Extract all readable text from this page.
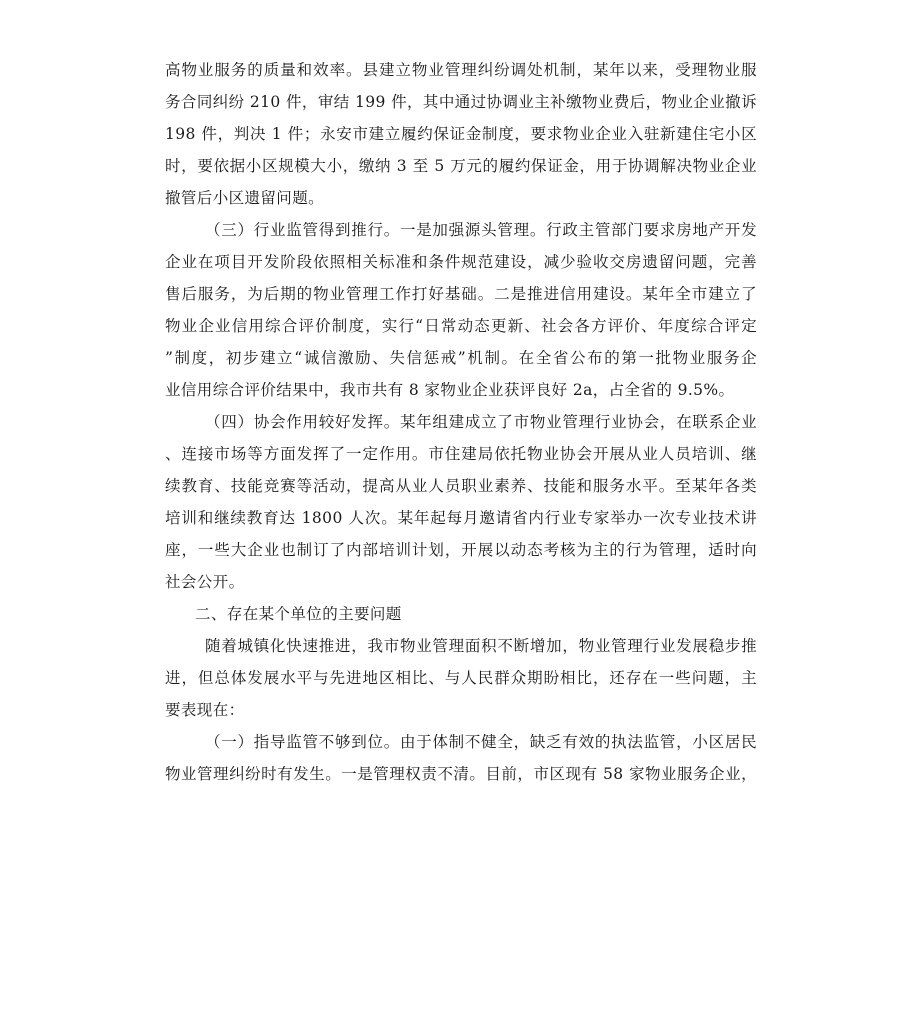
高物业服务的质量和效率。县建立物业管理纠纷调处机制，某年以来，受理物业服
务合同纠纷 210 件，审结 199 件，其中通过协调业主补缴物业费后，物业企业撤诉
198 件，判决 1 件；永安市建立履约保证金制度，要求物业企业入驻新建住宅小区
时，要依据小区规模大小，缴纳 3 至 5 万元的履约保证金，用于协调解决物业企业
撤管后小区遗留问题。
（三）行业监管得到推行。一是加强源头管理。行政主管部门要求房地产开发
企业在项目开发阶段依照相关标准和条件规范建设，减少验收交房遗留问题，完善
售后服务，为后期的物业管理工作打好基础。二是推进信用建设。某年全市建立了
物业企业信用综合评价制度，实行“日常动态更新、社会各方评价、年度综合评定
”制度，初步建立“诚信激励、失信惩戒”机制。在全省公布的第一批物业服务企
业信用综合评价结果中，我市共有 8 家物业企业获评良好 2a，占全省的 9.5%。
（四）协会作用较好发挥。某年组建成立了市物业管理行业协会，在联系企业
、连接市场等方面发挥了一定作用。市住建局依托物业协会开展从业人员培训、继
续教育、技能竞赛等活动，提高从业人员职业素养、技能和服务水平。至某年各类
培训和继续教育达 1800 人次。某年起每月邀请省内行业专家举办一次专业技术讲
座，一些大企业也制订了内部培训计划，开展以动态考核为主的行为管理，适时向
社会公开。
二、存在某个单位的主要问题
随着城镇化快速推进，我市物业管理面积不断增加，物业管理行业发展稳步推
进，但总体发展水平与先进地区相比、与人民群众期盼相比，还存在一些问题，主
要表现在：
（一）指导监管不够到位。由于体制不健全，缺乏有效的执法监管，小区居民
物业管理纠纷时有发生。一是管理权责不清。目前，市区现有 58 家物业服务企业，
